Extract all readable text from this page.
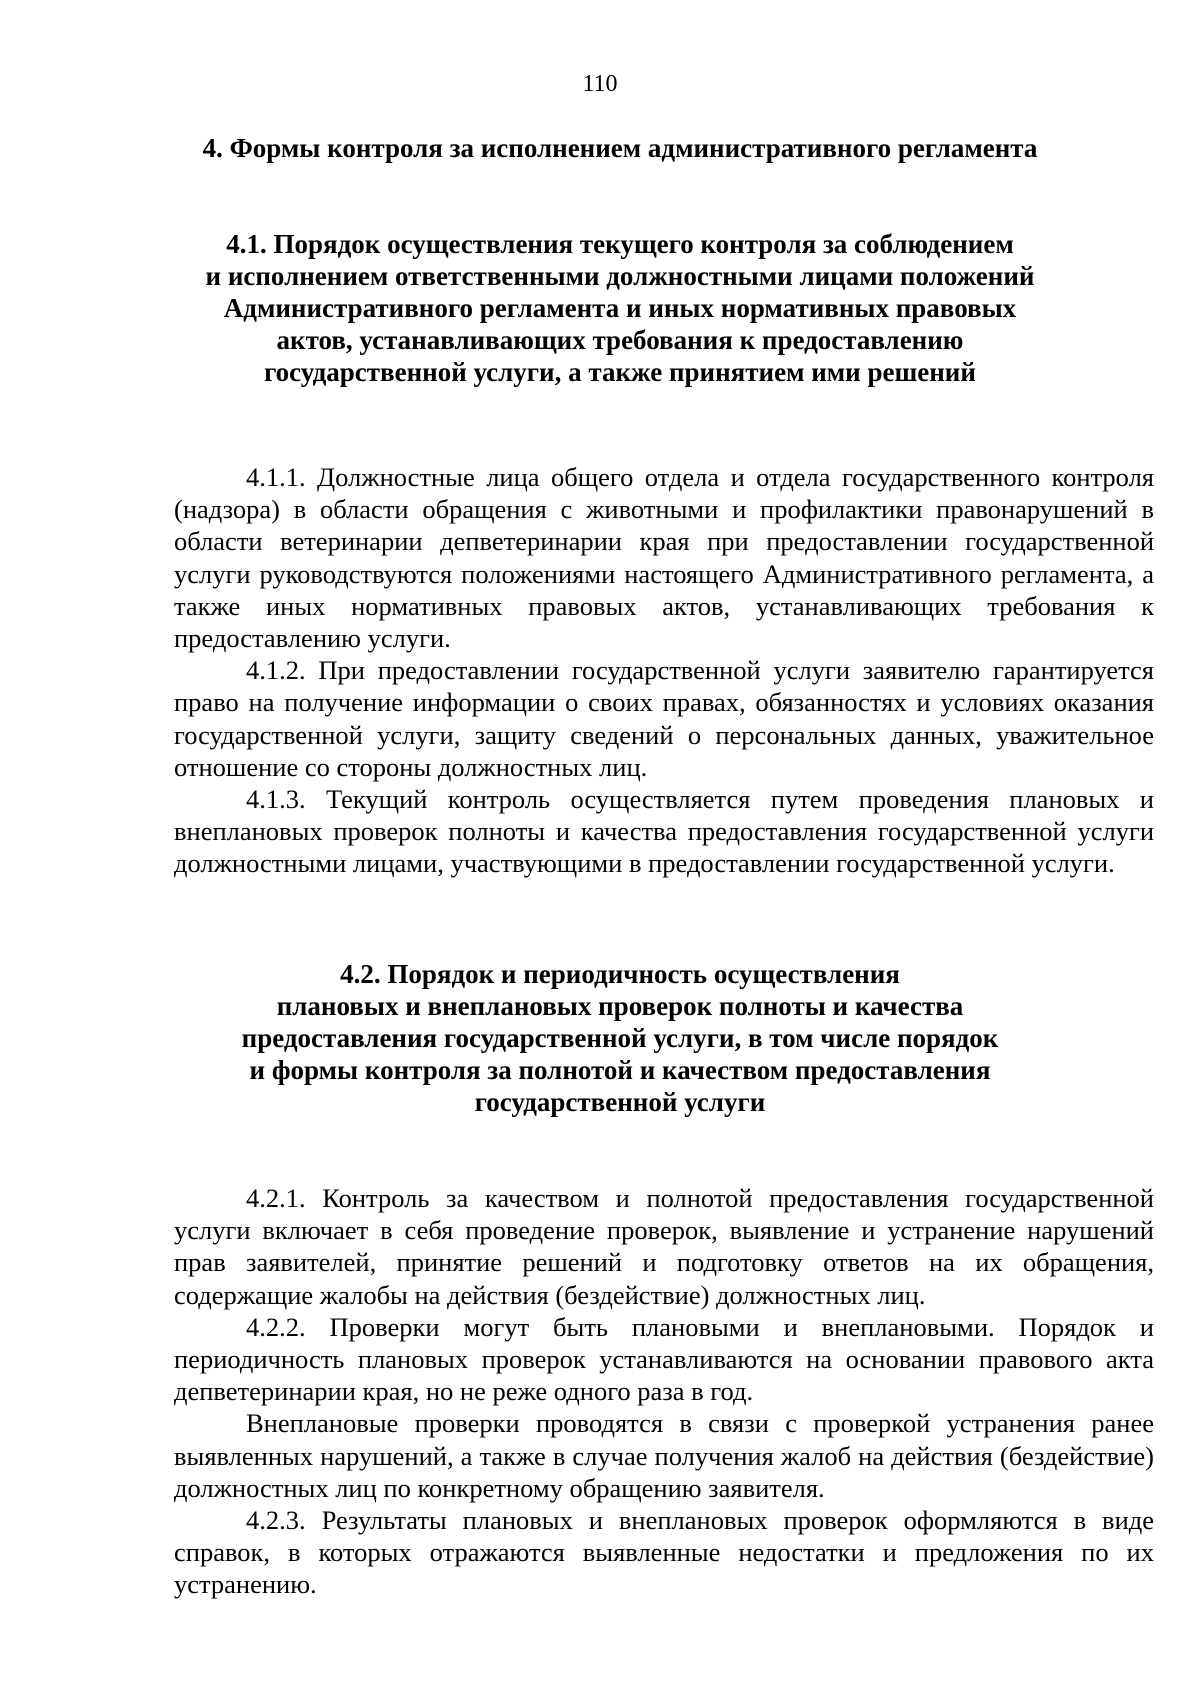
110
4. Формы контроля за исполнением административного регламента
4.1. Порядок осуществления текущего контроля за соблюдением
и исполнением ответственными должностными лицами положений
Административного регламента и иных нормативных правовых
актов, устанавливающих требования к предоставлению
государственной услуги, а также принятием ими решений

4.1.1. Должностные лица общего отдела и отдела государственного контроля (надзора) в области обращения с животными и профилактики правонарушений в области ветеринарии депветеринарии края при предоставлении государственной услуги руководствуются положениями настоящего Административного регламента, а также иных нормативных правовых актов, устанавливающих требования к предоставлению услуги.

4.1.2. При предоставлении государственной услуги заявителю гарантируется право на получение информации о своих правах, обязанностях и условиях оказания государственной услуги, защиту сведений о персональных данных, уважительное отношение со стороны должностных лиц.

4.1.3. Текущий контроль осуществляется путем проведения плановых и внеплановых проверок полноты и качества предоставления государственной услуги должностными лицами, участвующими в предоставлении государственной услуги.

4.2. Порядок и периодичность осуществления
плановых и внеплановых проверок полноты и качества
предоставления государственной услуги, в том числе порядок
и формы контроля за полнотой и качеством предоставления
государственной услуги

4.2.1. Контроль за качеством и полнотой предоставления государственной услуги включает в себя проведение проверок, выявление и устранение нарушений прав заявителей, принятие решений и подготовку ответов на их обращения, содержащие жалобы на действия (бездействие) должностных лиц.

4.2.2. Проверки могут быть плановыми и внеплановыми. Порядок и периодичность плановых проверок устанавливаются на основании правового акта депветеринарии края, но не реже одного раза в год.

Внеплановые проверки проводятся в связи с проверкой устранения ранее выявленных нарушений, а также в случае получения жалоб на действия (бездействие) должностных лиц по конкретному обращению заявителя.

4.2.3. Результаты плановых и внеплановых проверок оформляются в виде справок, в которых отражаются выявленные недостатки и предложения по их устранению.
